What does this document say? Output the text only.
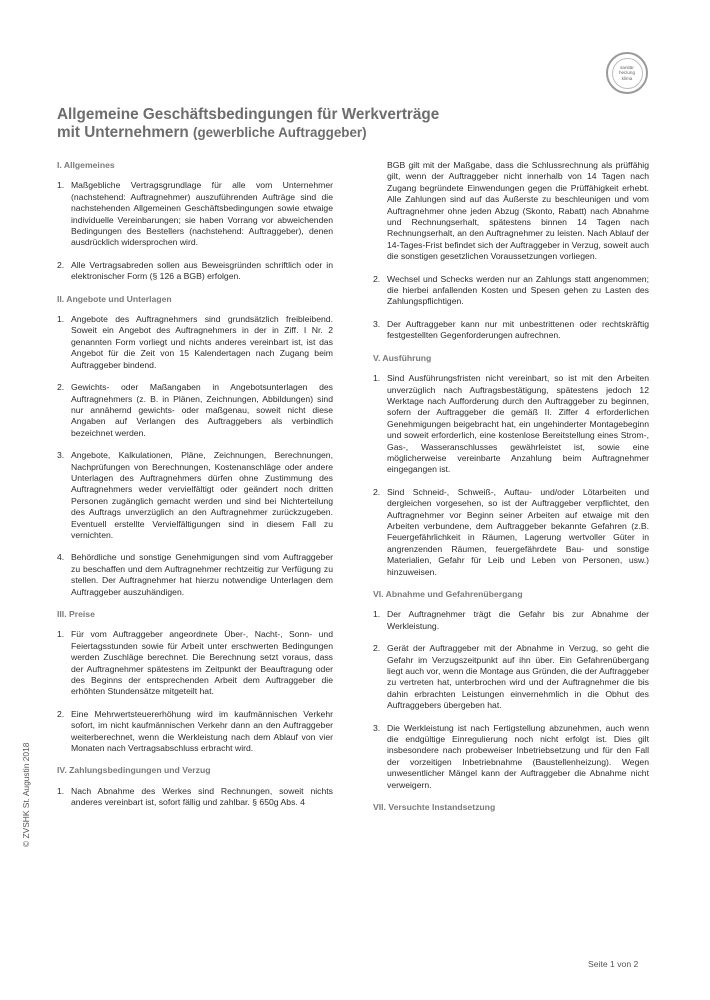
sanitär
heizung
klima
Allgemeine Geschäftsbedingungen für Werkverträge
mit Unternehmern (gewerbliche Auftraggeber)
© ZVSHK St. Augustin 2018
I. Allgemeines
1. Maßgebliche Vertragsgrundlage für alle vom Unternehmer (nachstehend: Auftragnehmer) auszuführenden Aufträge sind die nachstehenden Allgemeinen Geschäftsbedingungen sowie etwaige individuelle Vereinbarungen; sie haben Vorrang vor abweichenden Bedingungen des Bestellers (nachstehend: Auftraggeber), denen ausdrücklich widersprochen wird.
2. Alle Vertragsabreden sollen aus Beweisgründen schriftlich oder in elektronischer Form (§ 126 a BGB) erfolgen.
II. Angebote und Unterlagen
1. Angebote des Auftragnehmers sind grundsätzlich freibleibend. Soweit ein Angebot des Auftragnehmers in der in Ziff. I Nr. 2 genannten Form vorliegt und nichts anderes vereinbart ist, ist das Angebot für die Zeit von 15 Kalendertagen nach Zugang beim Auftraggeber bindend.
2. Gewichts- oder Maßangaben in Angebotsunterlagen des Auftragnehmers (z. B. in Plänen, Zeichnungen, Abbildungen) sind nur annähernd gewichts- oder maßgenau, soweit nicht diese Angaben auf Verlangen des Auftraggebers als verbindlich bezeichnet werden.
3. Angebote, Kalkulationen, Pläne, Zeichnungen, Berechnungen, Nachprüfungen von Berechnungen, Kostenanschläge oder andere Unterlagen des Auftragnehmers dürfen ohne Zustimmung des Auftragnehmers weder vervielfältigt oder geändert noch dritten Personen zugänglich gemacht werden und sind bei Nichterteilung des Auftrags unverzüglich an den Auftragnehmer zurückzugeben. Eventuell erstellte Vervielfältigungen sind in diesem Fall zu vernichten.
4. Behördliche und sonstige Genehmigungen sind vom Auftraggeber zu beschaffen und dem Auftragnehmer rechtzeitig zur Verfügung zu stellen. Der Auftragnehmer hat hierzu notwendige Unterlagen dem Auftraggeber auszuhändigen.
III. Preise
1. Für vom Auftraggeber angeordnete Über-, Nacht-, Sonn- und Feiertagsstunden sowie für Arbeit unter erschwerten Bedingungen werden Zuschläge berechnet. Die Berechnung setzt voraus, dass der Auftragnehmer spätestens im Zeitpunkt der Beauftragung oder des Beginns der entsprechenden Arbeit dem Auftraggeber die erhöhten Stundensätze mitgeteilt hat.
2. Eine Mehrwertsteuererhöhung wird im kaufmännischen Verkehr sofort, im nicht kaufmännischen Verkehr dann an den Auftraggeber weiterberechnet, wenn die Werkleistung nach dem Ablauf von vier Monaten nach Vertragsabschluss erbracht wird.
IV. Zahlungsbedingungen und Verzug
1. Nach Abnahme des Werkes sind Rechnungen, soweit nichts anderes vereinbart ist, sofort fällig und zahlbar. § 650g Abs. 4
BGB gilt mit der Maßgabe, dass die Schlussrechnung als prüffähig gilt, wenn der Auftraggeber nicht innerhalb von 14 Tagen nach Zugang begründete Einwendungen gegen die Prüffähigkeit erhebt. Alle Zahlungen sind auf das Äußerste zu beschleunigen und vom Auftragnehmer ohne jeden Abzug (Skonto, Rabatt) nach Abnahme und Rechnungserhalt, spätestens binnen 14 Tagen nach Rechnungserhalt, an den Auftragnehmer zu leisten. Nach Ablauf der 14-Tages-Frist befindet sich der Auftraggeber in Verzug, soweit auch die sonstigen gesetzlichen Voraussetzungen vorliegen.
2. Wechsel und Schecks werden nur an Zahlungs statt angenommen; die hierbei anfallenden Kosten und Spesen gehen zu Lasten des Zahlungspflichtigen.
3. Der Auftraggeber kann nur mit unbestrittenen oder rechtskräftig festgestellten Gegenforderungen aufrechnen.
V. Ausführung
1. Sind Ausführungsfristen nicht vereinbart, so ist mit den Arbeiten unverzüglich nach Auftragsbestätigung, spätestens jedoch 12 Werktage nach Aufforderung durch den Auftraggeber zu beginnen, sofern der Auftraggeber die gemäß II. Ziffer 4 erforderlichen Genehmigungen beigebracht hat, ein ungehinderter Montagebeginn und soweit erforderlich, eine kostenlose Bereitstellung eines Strom-, Gas-, Wasseranschlusses gewährleistet ist, sowie eine möglicherweise vereinbarte Anzahlung beim Auftragnehmer eingegangen ist.
2. Sind Schneid-, Schweiß-, Auftau- und/oder Lötarbeiten und dergleichen vorgesehen, so ist der Auftraggeber verpflichtet, den Auftragnehmer vor Beginn seiner Arbeiten auf etwaige mit den Arbeiten verbundene, dem Auftraggeber bekannte Gefahren (z.B. Feuergefährlichkeit in Räumen, Lagerung wertvoller Güter in angrenzenden Räumen, feuergefährdete Bau- und sonstige Materialien, Gefahr für Leib und Leben von Personen, usw.) hinzuweisen.
VI. Abnahme und Gefahrenübergang
1. Der Auftragnehmer trägt die Gefahr bis zur Abnahme der Werkleistung.
2. Gerät der Auftraggeber mit der Abnahme in Verzug, so geht die Gefahr im Verzugszeitpunkt auf ihn über. Ein Gefahrenübergang liegt auch vor, wenn die Montage aus Gründen, die der Auftraggeber zu vertreten hat, unterbrochen wird und der Auftragnehmer die bis dahin erbrachten Leistungen einvernehmlich in die Obhut des Auftraggebers übergeben hat.
3. Die Werkleistung ist nach Fertigstellung abzunehmen, auch wenn die endgültige Einregulierung noch nicht erfolgt ist. Dies gilt insbesondere nach probeweiser Inbetriebsetzung und für den Fall der vorzeitigen Inbetriebnahme (Baustellenheizung). Wegen unwesentlicher Mängel kann der Auftraggeber die Abnahme nicht verweigern.
VII. Versuchte Instandsetzung
Seite 1 von 2
